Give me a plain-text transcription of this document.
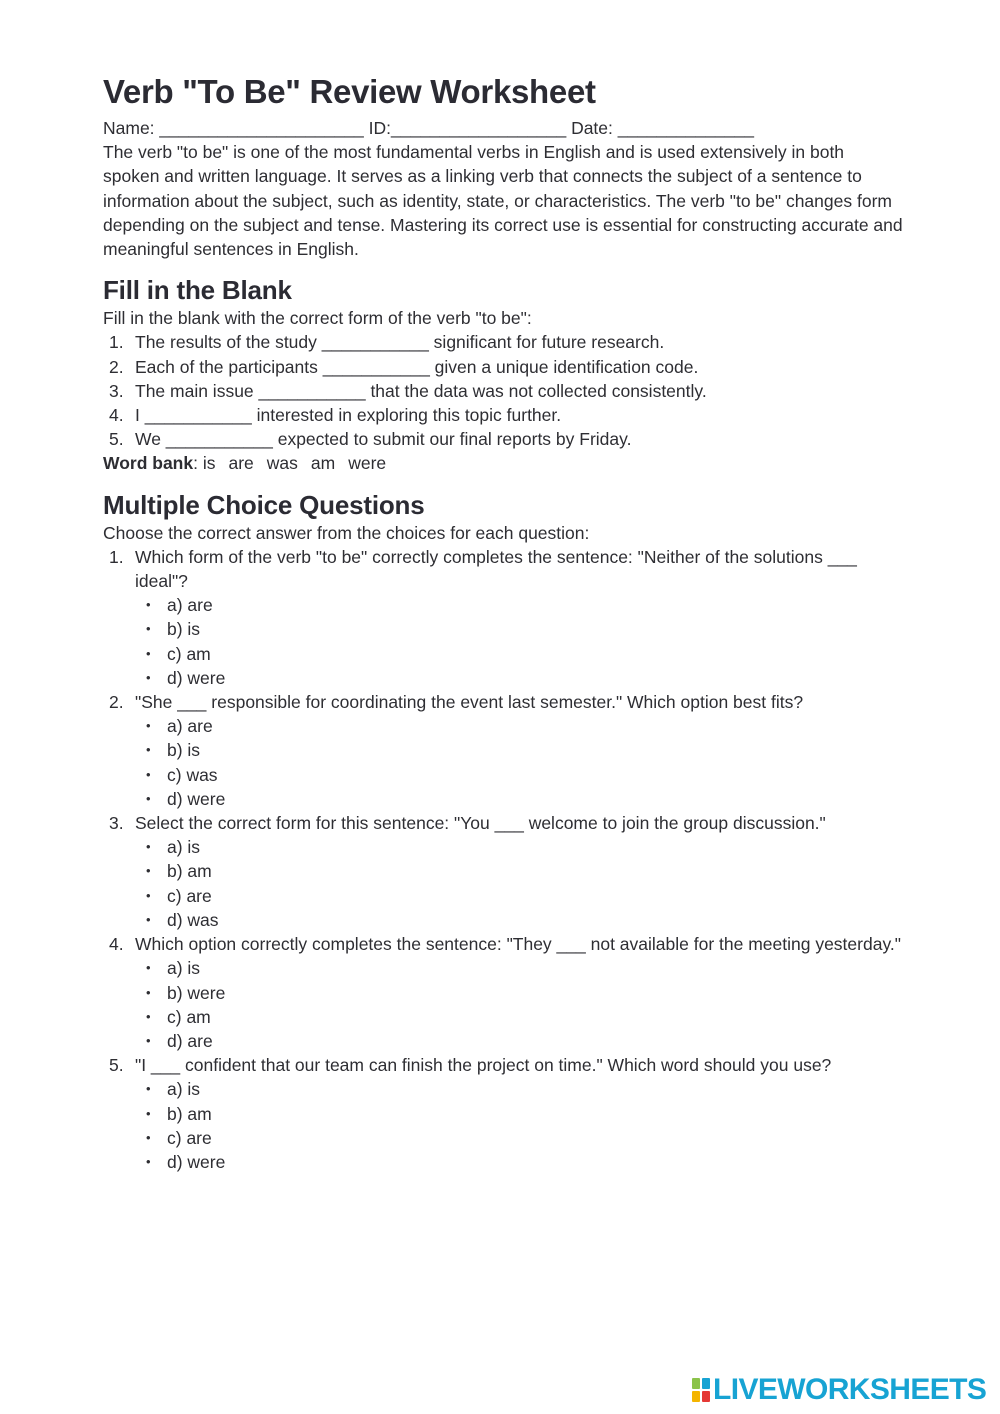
Verb "To Be" Review Worksheet

Name: _____________________ ID:__________________ Date: ______________

The verb "to be" is one of the most fundamental verbs in English and is used extensively in both spoken and written language. It serves as a linking verb that connects the subject of a sentence to information about the subject, such as identity, state, or characteristics. The verb "to be" changes form depending on the subject and tense. Mastering its correct use is essential for constructing accurate and meaningful sentences in English.

Fill in the Blank

Fill in the blank with the correct form of the verb "to be":

1. The results of the study ___________ significant for future research.
2. Each of the participants ___________ given a unique identification code.
3. The main issue ___________ that the data was not collected consistently.
4. I ___________ interested in exploring this topic further.
5. We ___________ expected to submit our final reports by Friday.

Word bank: is are was am were

Multiple Choice Questions

Choose the correct answer from the choices for each question:

1. Which form of the verb "to be" correctly completes the sentence: "Neither of the solutions ___ ideal"?
• a) are
• b) is
• c) am
• d) were
2. "She ___ responsible for coordinating the event last semester." Which option best fits?
• a) are
• b) is
• c) was
• d) were
3. Select the correct form for this sentence: "You ___ welcome to join the group discussion."
• a) is
• b) am
• c) are
• d) was
4. Which option correctly completes the sentence: "They ___ not available for the meeting yesterday."
• a) is
• b) were
• c) am
• d) are
5. "I ___ confident that our team can finish the project on time." Which word should you use?
• a) is
• b) am
• c) are
• d) were
LIVEWORKSHEETS
